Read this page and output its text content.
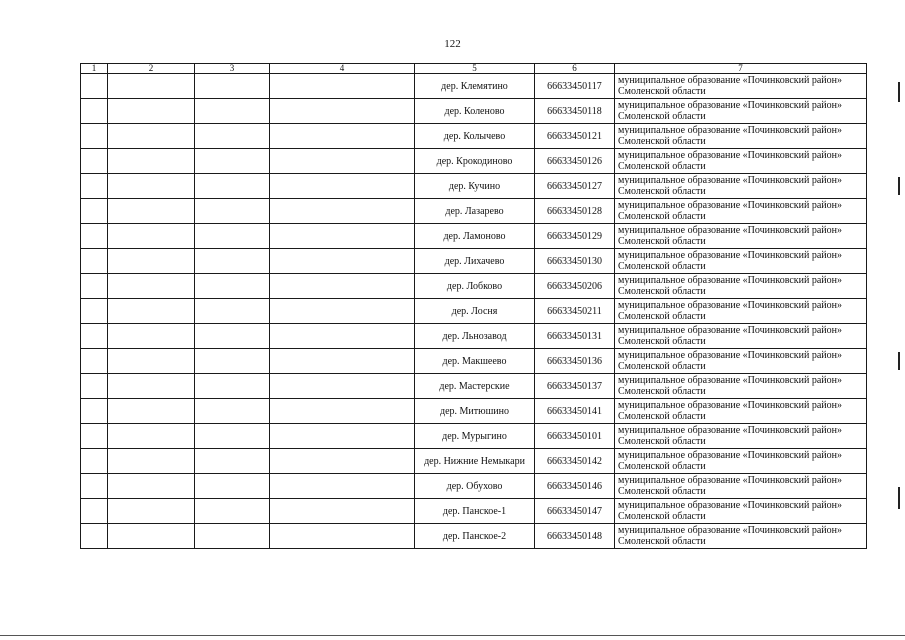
122
1	2	3	4	5	6	7
				дер. Клемятино	66633450117	муниципальное образование «Починковский район» Смоленской области
				дер. Коленово	66633450118	муниципальное образование «Починковский район» Смоленской области
				дер. Колычево	66633450121	муниципальное образование «Починковский район» Смоленской области
				дер. Крокодиново	66633450126	муниципальное образование «Починковский район» Смоленской области
				дер. Кучино	66633450127	муниципальное образование «Починковский район» Смоленской области
				дер. Лазарево	66633450128	муниципальное образование «Починковский район» Смоленской области
				дер. Ламоново	66633450129	муниципальное образование «Починковский район» Смоленской области
				дер. Лихачево	66633450130	муниципальное образование «Починковский район» Смоленской области
				дер. Лобково	66633450206	муниципальное образование «Починковский район» Смоленской области
				дер. Лосня	66633450211	муниципальное образование «Починковский район» Смоленской области
				дер. Льнозавод	66633450131	муниципальное образование «Починковский район» Смоленской области
				дер. Макшеево	66633450136	муниципальное образование «Починковский район» Смоленской области
				дер. Мастерские	66633450137	муниципальное образование «Починковский район» Смоленской области
				дер. Митюшино	66633450141	муниципальное образование «Починковский район» Смоленской области
				дер. Мурыгино	66633450101	муниципальное образование «Починковский район» Смоленской области
				дер. Нижние Немыкари	66633450142	муниципальное образование «Починковский район» Смоленской области
				дер. Обухово	66633450146	муниципальное образование «Починковский район» Смоленской области
				дер. Панское-1	66633450147	муниципальное образование «Починковский район» Смоленской области
				дер. Панское-2	66633450148	муниципальное образование «Починковский район» Смоленской области
